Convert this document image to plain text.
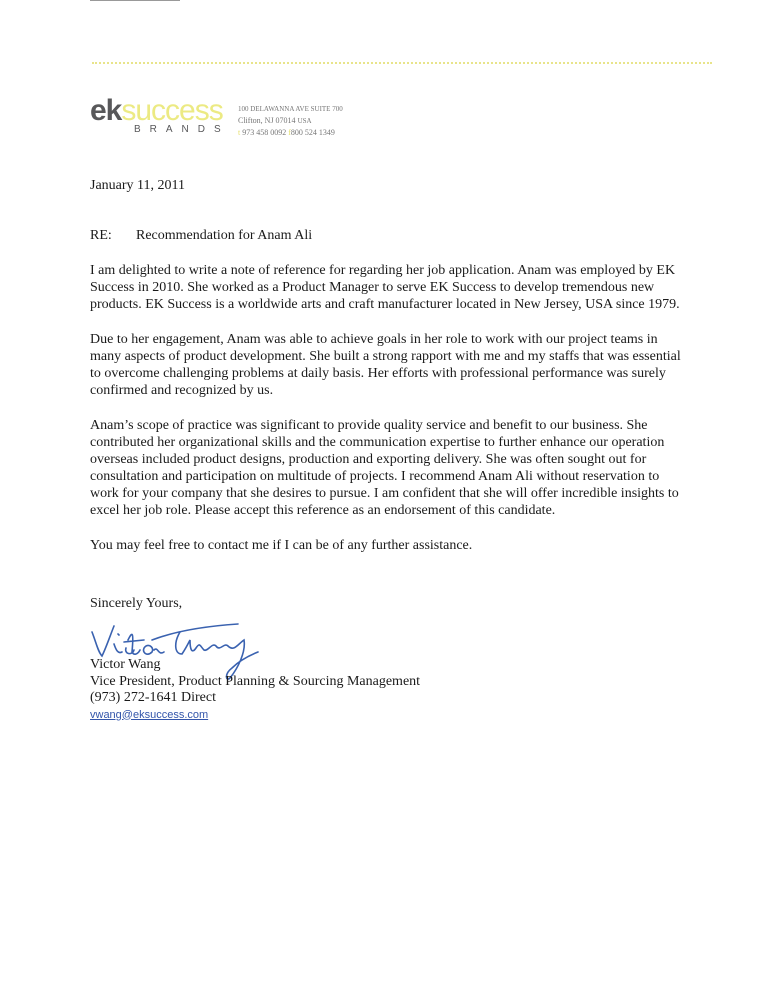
eksuccess
BRANDS
100 DELAWANNA AVE SUITE 700
Clifton, NJ 07014 USA
t 973 458 0092 f800 524 1349
January 11, 2011
RE: Recommendation for Anam Ali

I am delighted to write a note of reference for regarding her job application. Anam was employed by EK Success in 2010. She worked as a Product Manager to serve EK Success to develop tremendous new products. EK Success is a worldwide arts and craft manufacturer located in New Jersey, USA since 1979.

Due to her engagement, Anam was able to achieve goals in her role to work with our project teams in many aspects of product development. She built a strong rapport with me and my staffs that was essential to overcome challenging problems at daily basis. Her efforts with professional performance was surely confirmed and recognized by us.

Anam’s scope of practice was significant to provide quality service and benefit to our business. She contributed her organizational skills and the communication expertise to further enhance our operation overseas included product designs, production and exporting delivery. She was often sought out for consultation and participation on multitude of projects. I recommend Anam Ali without reservation to work for your company that she desires to pursue. I am confident that she will offer incredible insights to excel her job role. Please accept this reference as an endorsement of this candidate.

You may feel free to contact me if I can be of any further assistance.

Sincerely Yours,
Victor Wang
Vice President, Product Planning & Sourcing Management
(973) 272-1641 Direct
vwang@eksuccess.com
